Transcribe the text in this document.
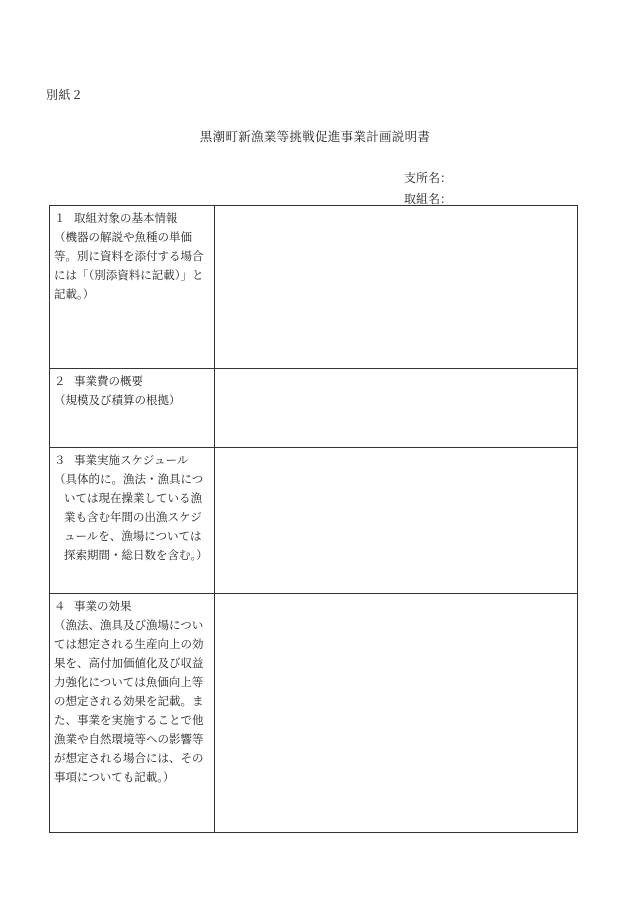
別紙２
黒潮町新漁業等挑戦促進事業計画説明書
支所名：
取組名：
１ 取組対象の基本情報
（機器の解説や魚種の単価等。別に資料を添付する場合には「（別添資料に記載）」と記載。）	

２ 事業費の概要
（規模及び積算の根拠）	

３ 事業実施スケジュール
（具体的に。漁法・漁具については現在操業している漁業も含む年間の出漁スケジュールを、漁場については探索期間・総日数を含む。）	

４ 事業の効果
（漁法、漁具及び漁場については想定される生産向上の効果を、高付加価値化及び収益力強化については魚価向上等の想定される効果を記載。また、事業を実施することで他漁業や自然環境等への影響等が想定される場合には、その事項についても記載。）	
